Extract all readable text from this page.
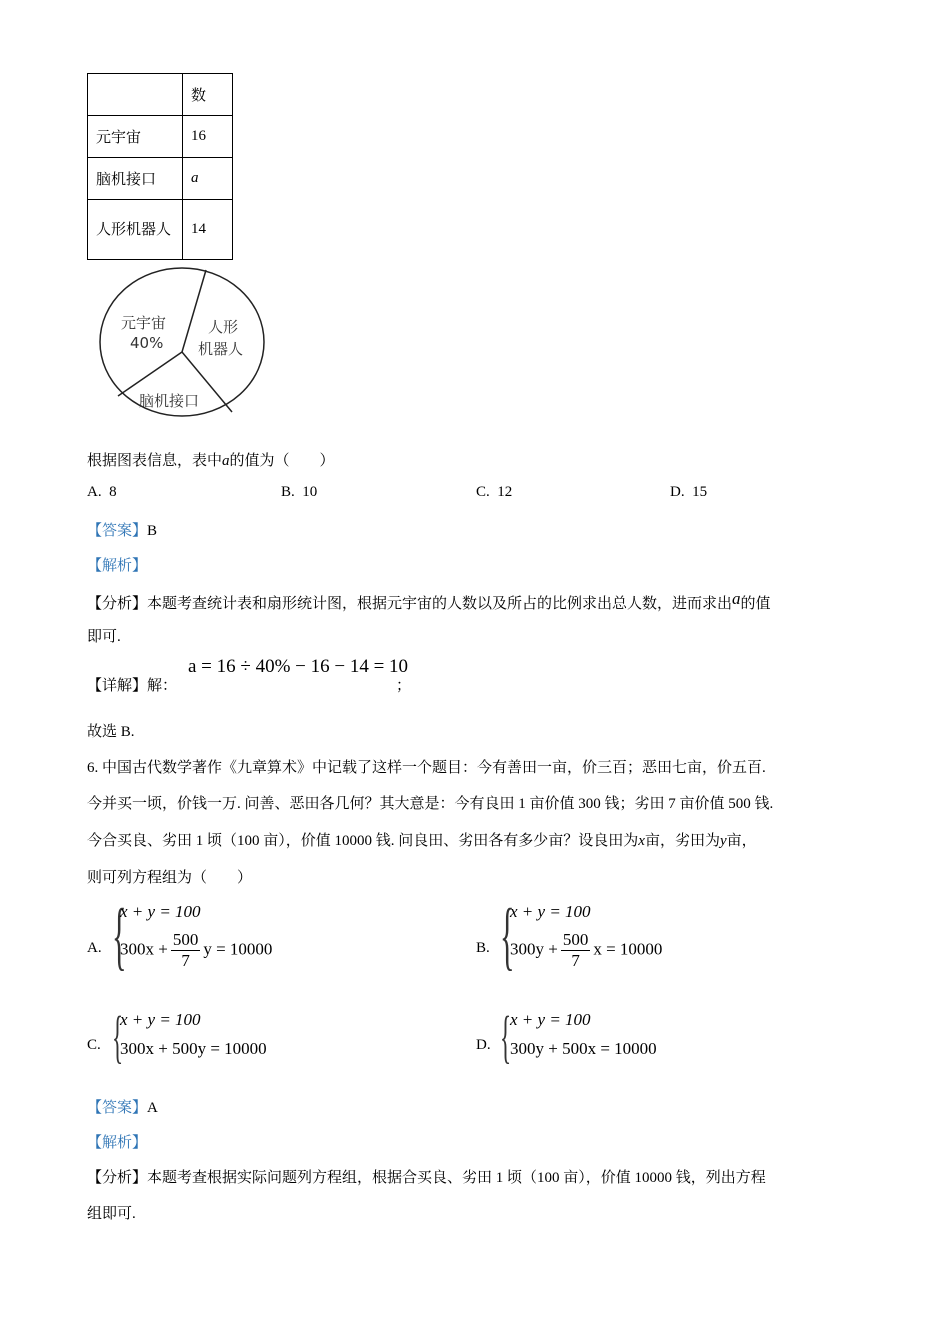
	数
元宇宙	16
脑机接口	a
人形机器人	14
元宇宙
40%
人形
机器人
脑机接口
根据图表信息，表中a的值为（　　）
A. 8	B. 10	C. 12	D. 15
【答案】B
【解析】
【分析】本题考查统计表和扇形统计图，根据元宇宙的人数以及所占的比例求出总人数，进而求出a的值
即可.
【详解】解：
a = 16 ÷ 40% − 16 − 14 = 10
；
故选 B.
6. 中国古代数学著作《九章算术》中记载了这样一个题目：今有善田一亩，价三百；恶田七亩，价五百.
今并买一顷，价钱一万. 问善、恶田各几何？其大意是：今有良田 1 亩价值 300 钱；劣田 7 亩价值 500 钱.
今合买良、劣田 1 顷（100 亩），价值 10000 钱. 问良田、劣田各有多少亩？设良田为x亩，劣田为y亩，
则可列方程组为（　　）
A. {
x + y = 100
$300x + \frac{500}{7}$ y = 10000	B. {
x + y = 100
$300y + \frac{500}{7}$ x = 10000
C. {
x + y = 100
300x + 500y = 10000	D. {
x + y = 100
300y + 500x = 10000
【答案】A
【解析】
【分析】本题考查根据实际问题列方程组，根据合买良、劣田 1 顷（100 亩），价值 10000 钱，列出方程
组即可.
